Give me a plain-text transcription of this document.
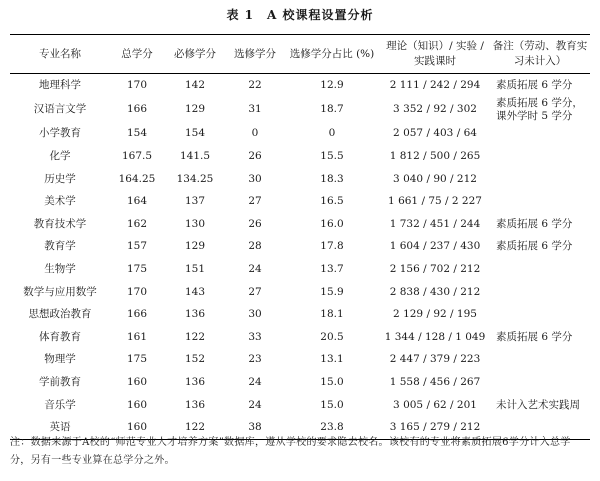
表 1　A 校课程设置分析
专业名称	总学分	必修学分	选修学分	选修学分占比 (%)	理论（知识）/ 实验 / 实践课时	备注（劳动、教育实习未计入）
地理科学	170	142	22	12.9	2 111 / 242 / 294	素质拓展 6 学分
汉语言文学	166	129	31	18.7	3 352 / 92 / 302	素质拓展 6 学分，课外学时 5 学分
小学教育	154	154	0	0	2 057 / 403 / 64	
化学	167.5	141.5	26	15.5	1 812 / 500 / 265	
历史学	164.25	134.25	30	18.3	3 040 / 90 / 212	
美术学	164	137	27	16.5	1 661 / 75 / 2 227	
教育技术学	162	130	26	16.0	1 732 / 451 / 244	素质拓展 6 学分
教育学	157	129	28	17.8	1 604 / 237 / 430	素质拓展 6 学分
生物学	175	151	24	13.7	2 156 / 702 / 212	
数学与应用数学	170	143	27	15.9	2 838 / 430 / 212	
思想政治教育	166	136	30	18.1	2 129 / 92 / 195	
体育教育	161	122	33	20.5	1 344 / 128 / 1 049	素质拓展 6 学分
物理学	175	152	23	13.1	2 447 / 379 / 223	
学前教育	160	136	24	15.0	1 558 / 456 / 267	
音乐学	160	136	24	15.0	3 005 / 62 / 201	未计入艺术实践周
英语	160	122	38	23.8	3 165 / 279 / 212	
注：数据来源于A校的“师范专业人才培养方案”数据库，遵从学校的要求隐去校名。该校有的专业将素质拓展6学分计入总学分，另有一些专业算在总学分之外。
